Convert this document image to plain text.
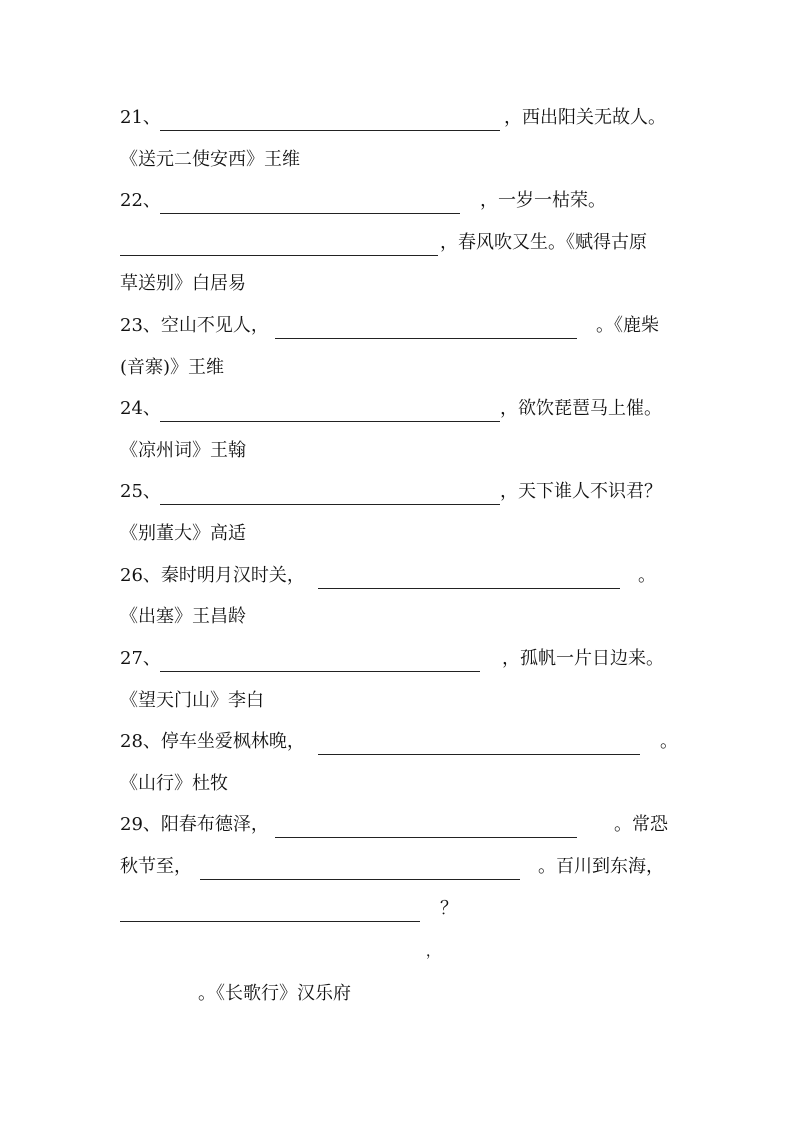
21、	，西出阳关无故人。
《送元二使安西》王维
22、	，一岁一枯荣。
，春风吹又生。《赋得古原
草送别》白居易
23、空山不见人，	。《鹿柴
(音寨)》王维
24、	，欲饮琵琶马上催。
《凉州词》王翰
25、	，天下谁人不识君？
《别董大》高适
26、秦时明月汉时关，	。
《出塞》王昌龄
27、	，孤帆一片日边来。
《望天门山》李白
28、停车坐爱枫林晚，	。
《山行》杜牧
29、阳春布德泽，	。常恐
秋节至，	。百川到东海，
？
，
。《长歌行》汉乐府
